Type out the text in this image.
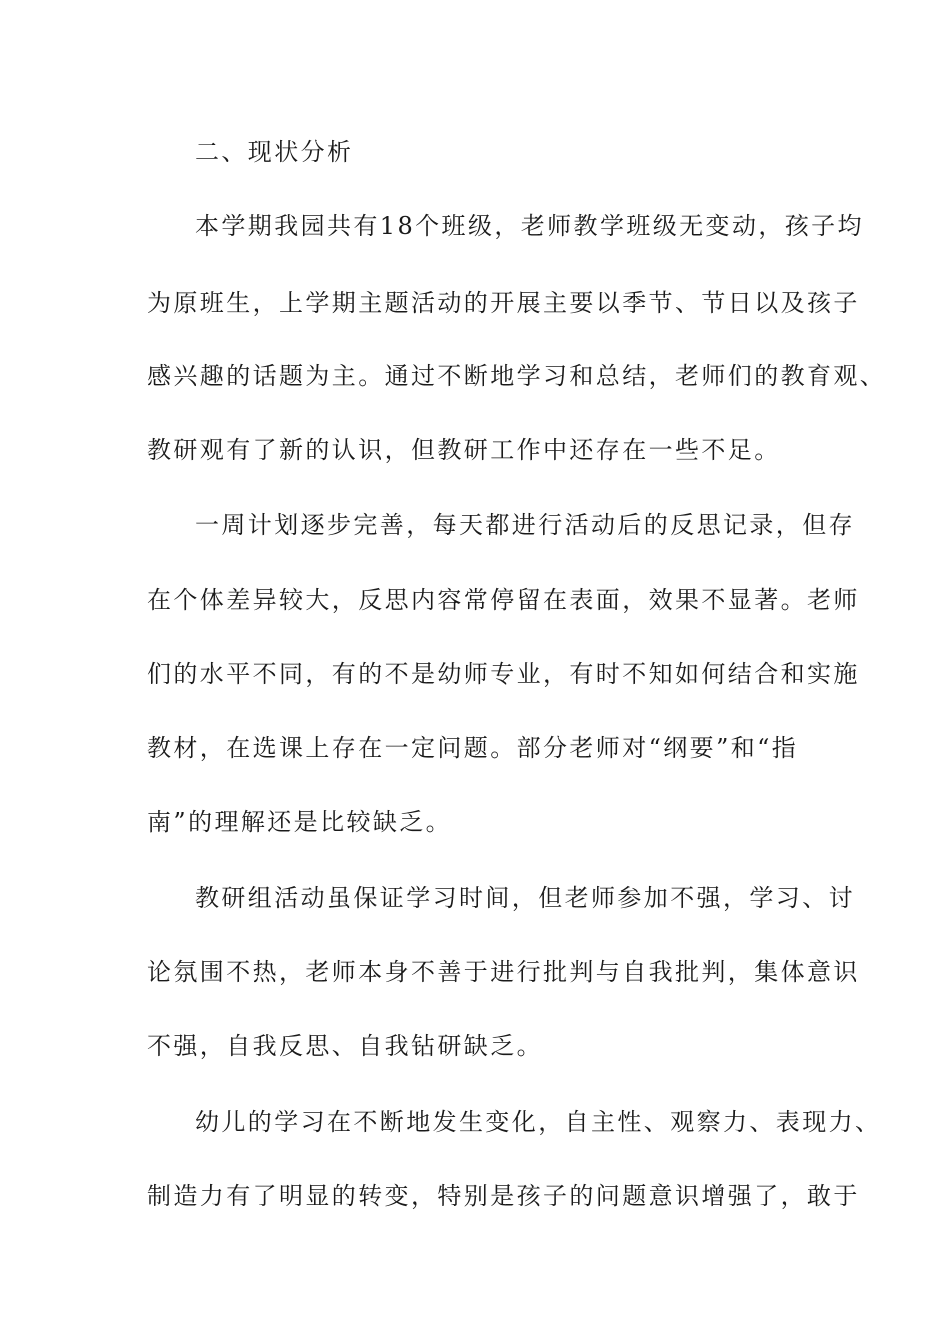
二、现状分析
本学期我园共有18个班级，老师教学班级无变动，孩子均
为原班生，上学期主题活动的开展主要以季节、节日以及孩子
感兴趣的话题为主。通过不断地学习和总结，老师们的教育观、
教研观有了新的认识，但教研工作中还存在一些不足。
一周计划逐步完善，每天都进行活动后的反思记录，但存
在个体差异较大，反思内容常停留在表面，效果不显著。老师
们的水平不同，有的不是幼师专业，有时不知如何结合和实施
教材，在选课上存在一定问题。部分老师对“纲要”和“指
南”的理解还是比较缺乏。
教研组活动虽保证学习时间，但老师参加不强，学习、讨
论氛围不热，老师本身不善于进行批判与自我批判，集体意识
不强，自我反思、自我钻研缺乏。
幼儿的学习在不断地发生变化，自主性、观察力、表现力、
制造力有了明显的转变，特别是孩子的问题意识增强了，敢于
